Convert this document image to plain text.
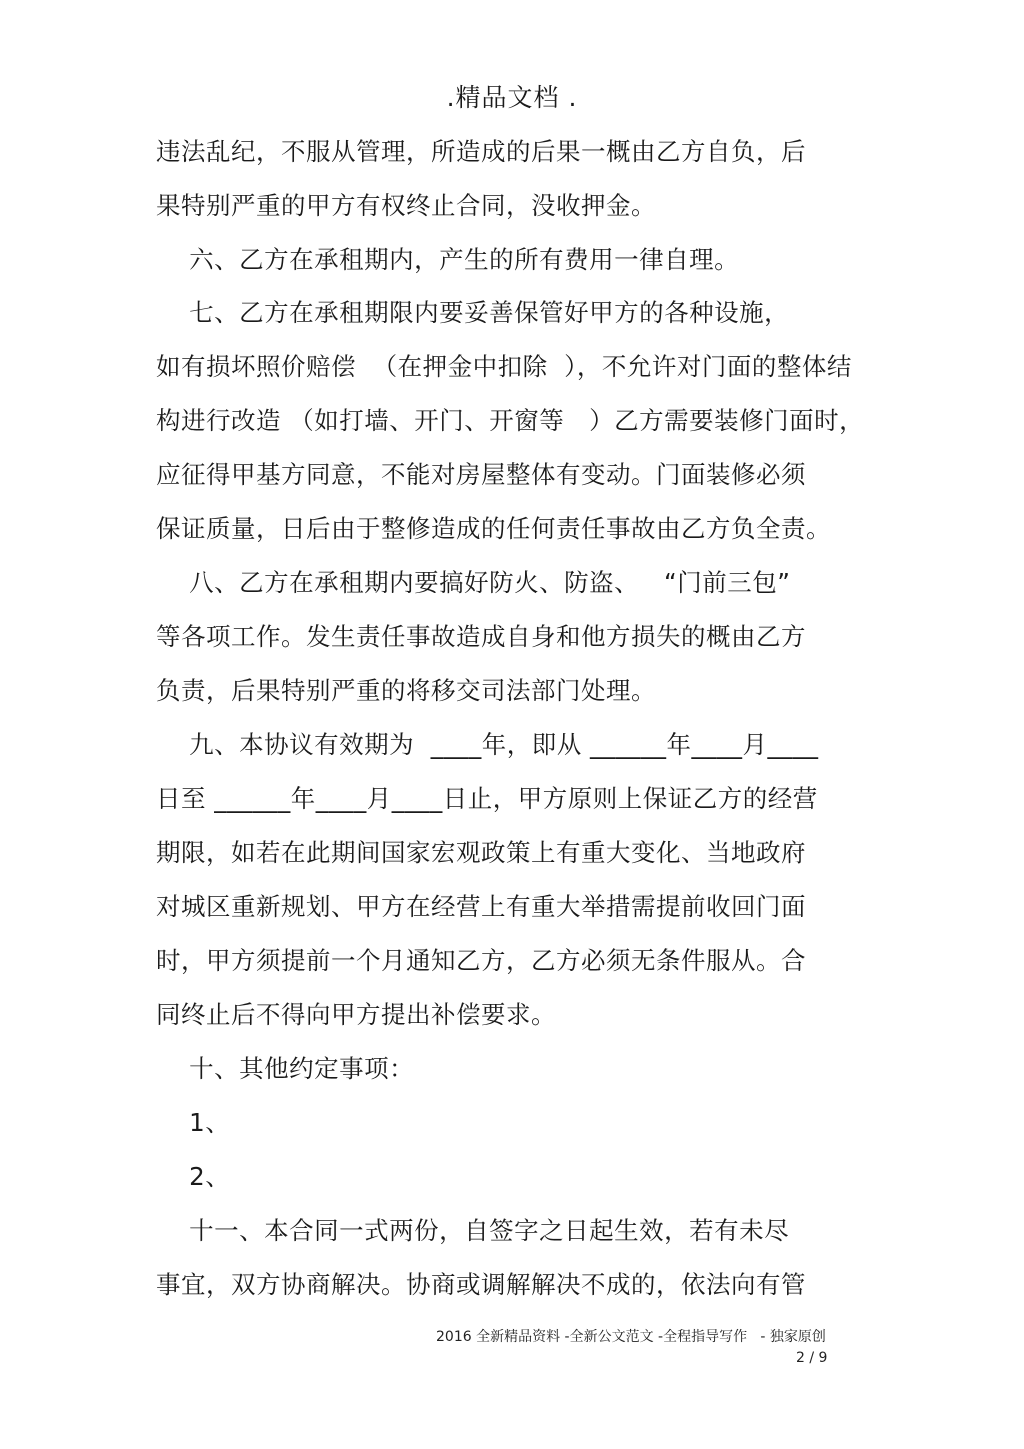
.精品文档 .
违法乱纪，不服从管理，所造成的后果一概由乙方自负，后
果特别严重的甲方有权终止合同，没收押金。
六、乙方在承租期内，产生的所有费用一律自理。
七、乙方在承租期限内要妥善保管好甲方的各种设施，
如有损坏照价赔偿  （在押金中扣除  ），不允许对门面的整体结
构进行改造 （如打墙、开门、开窗等   ）乙方需要装修门面时，
应征得甲基方同意，不能对房屋整体有变动。门面装修必须
保证质量，日后由于整修造成的任何责任事故由乙方负全责。
八、乙方在承租期内要搞好防火、防盗、   “门前三包”
等各项工作。发生责任事故造成自身和他方损失的概由乙方
负责，后果特别严重的将移交司法部门处理。
九、本协议有效期为  ____年，即从 ______年____月____
日至 ______年____月____日止，甲方原则上保证乙方的经营
期限，如若在此期间国家宏观政策上有重大变化、当地政府
对城区重新规划、甲方在经营上有重大举措需提前收回门面
时，甲方须提前一个月通知乙方，乙方必须无条件服从。合
同终止后不得向甲方提出补偿要求。
十、其他约定事项：
1、
2、
十一、本合同一式两份，自签字之日起生效，若有未尽
事宜，双方协商解决。协商或调解解决不成的，依法向有管
2016 全新精品资料 -全新公文范文 -全程指导写作   - 独家原创
2 / 9
